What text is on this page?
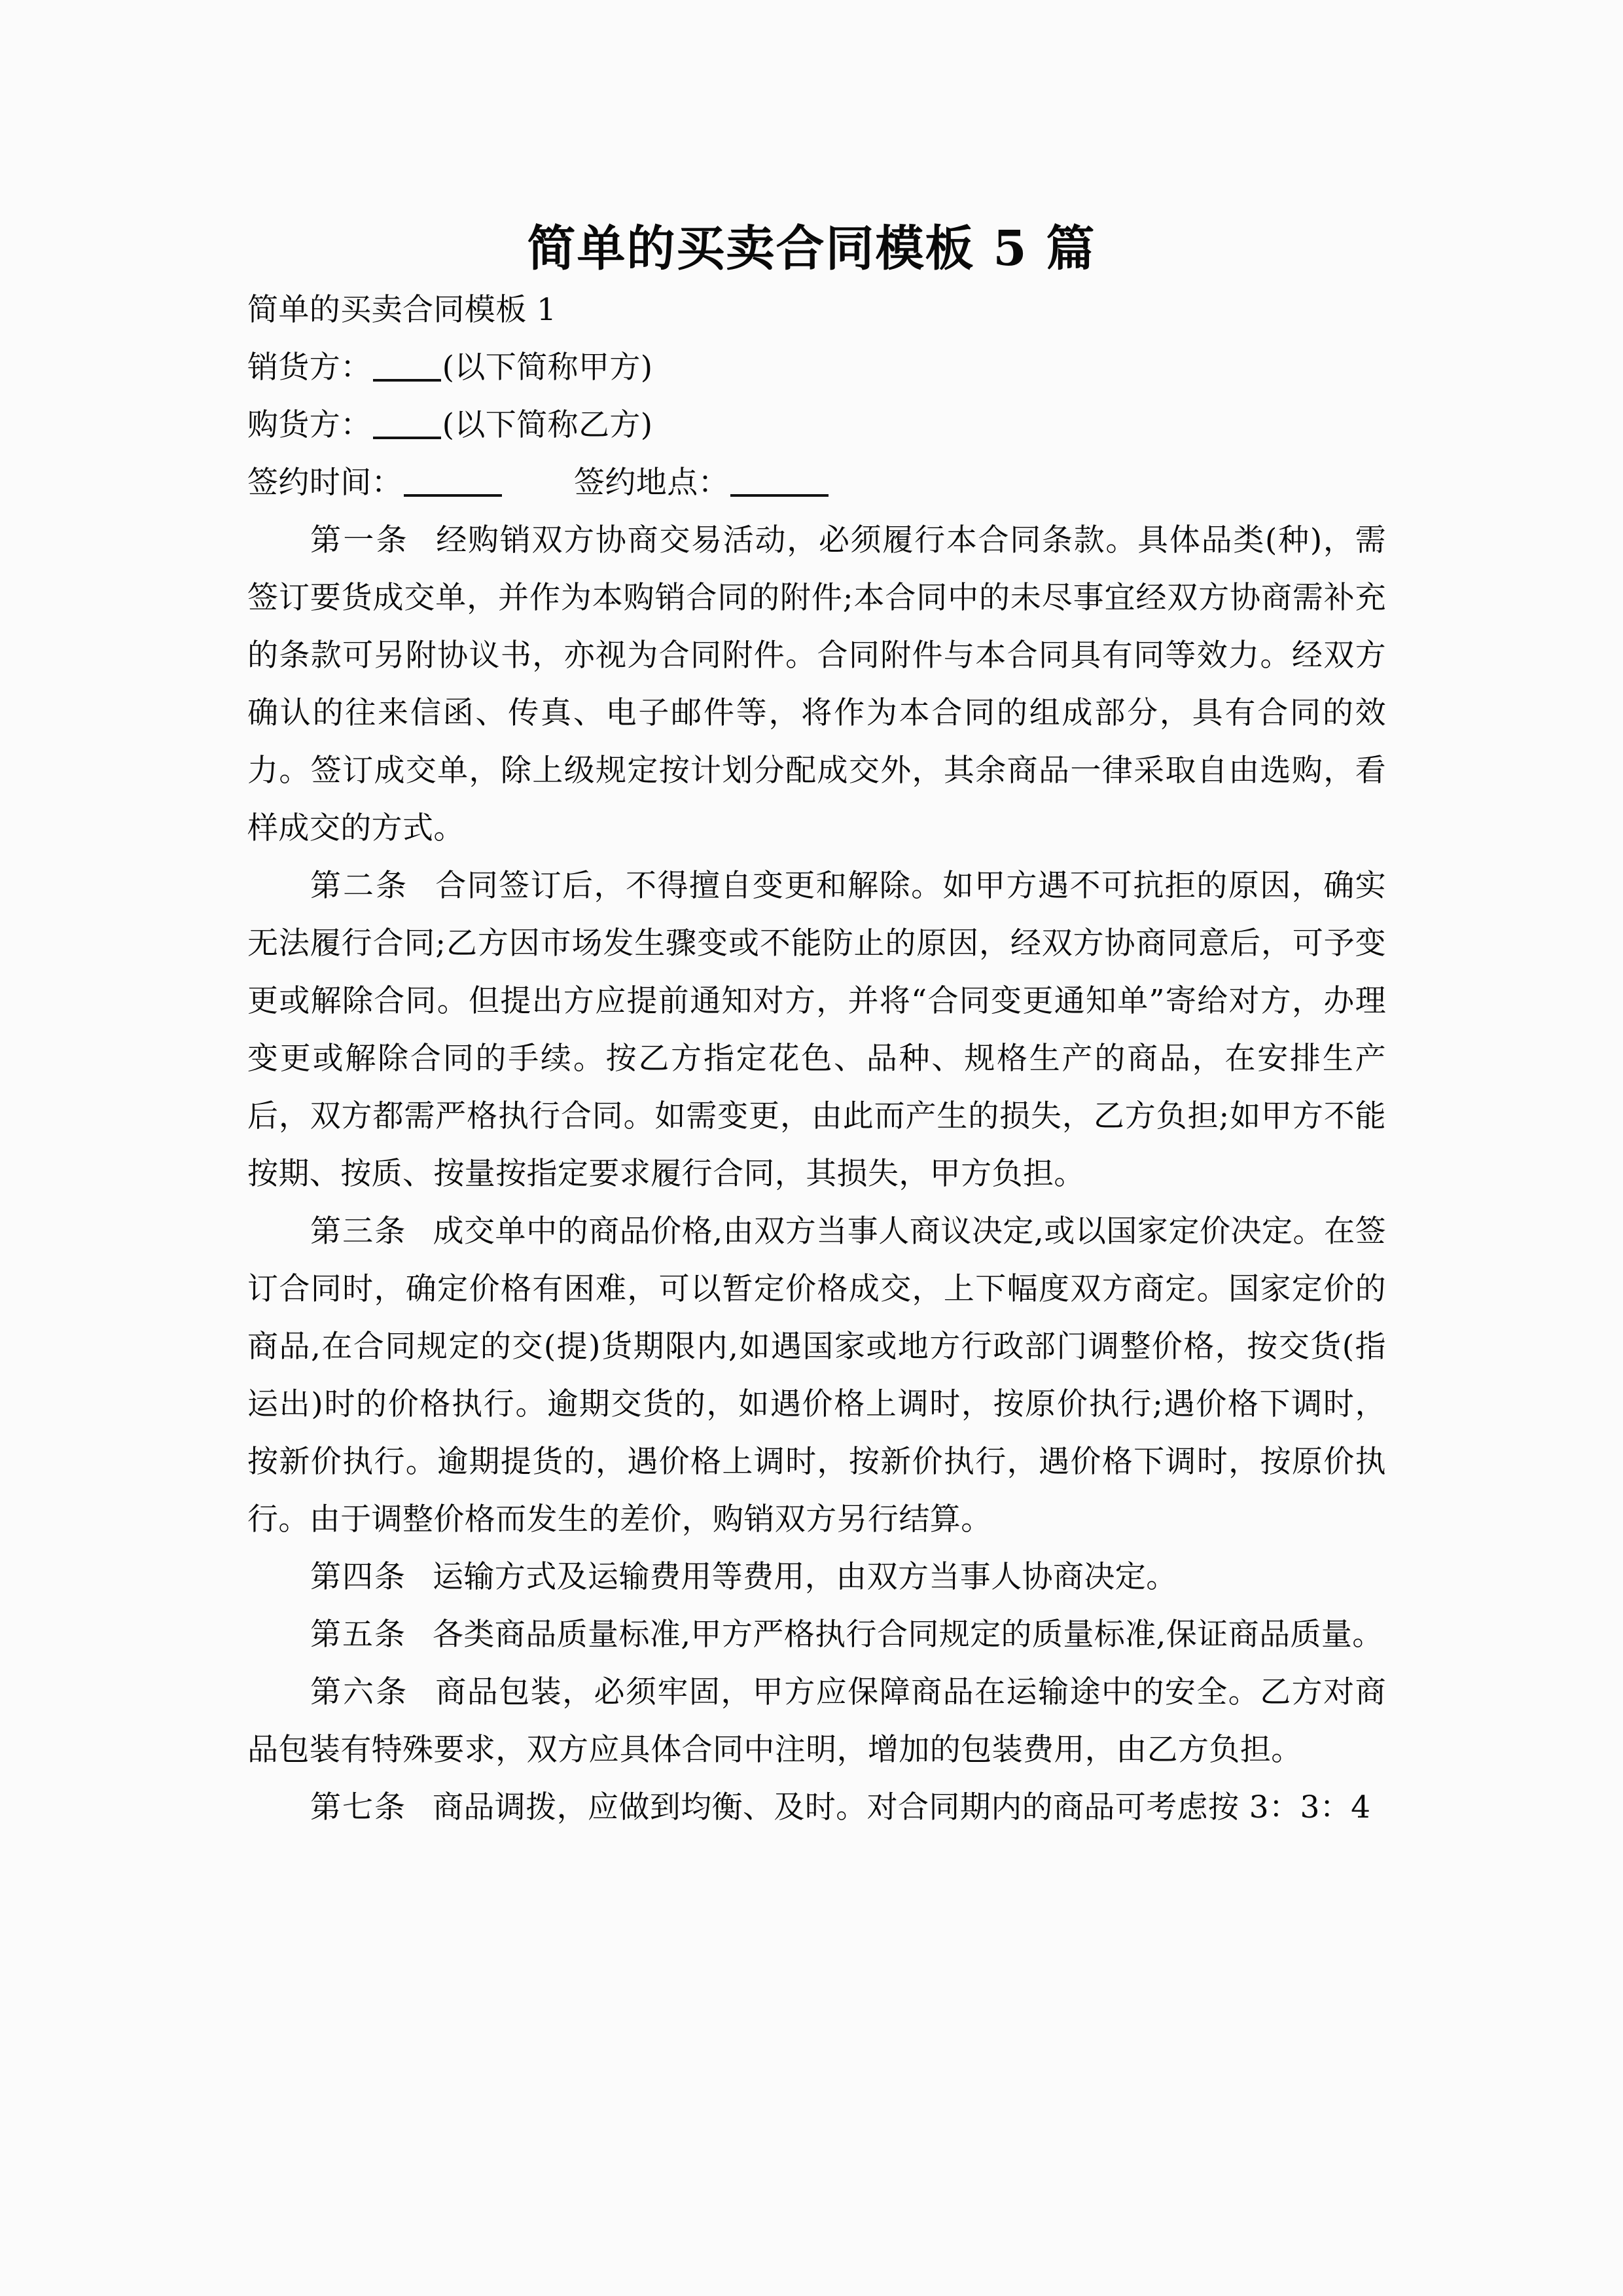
简单的买卖合同模板 5 篇

简单的买卖合同模板 1

销货方： (以下简称甲方)

购货方： (以下简称乙方)

签约时间：	签约地点：

第一条 经购销双方协商交易活动，必须履行本合同条款。具体品类(种)，需签订要货成交单，并作为本购销合同的附件;本合同中的未尽事宜经双方协商需补充的条款可另附协议书，亦视为合同附件。合同附件与本合同具有同等效力。经双方确认的往来信函、传真、电子邮件等，将作为本合同的组成部分，具有合同的效力。签订成交单，除上级规定按计划分配成交外，其余商品一律采取自由选购，看样成交的方式。

第二条 合同签订后，不得擅自变更和解除。如甲方遇不可抗拒的原因，确实无法履行合同;乙方因市场发生骤变或不能防止的原因，经双方协商同意后，可予变更或解除合同。但提出方应提前通知对方，并将“合同变更通知单”寄给对方，办理变更或解除合同的手续。按乙方指定花色、品种、规格生产的商品，在安排生产后，双方都需严格执行合同。如需变更，由此而产生的损失，乙方负担;如甲方不能按期、按质、按量按指定要求履行合同，其损失，甲方负担。

第三条 成交单中的商品价格,由双方当事人商议决定,或以国家定价决定。在签订合同时，确定价格有困难，可以暂定价格成交，上下幅度双方商定。国家定价的商品,在合同规定的交(提)货期限内,如遇国家或地方行政部门调整价格，按交货(指运出)时的价格执行。逾期交货的，如遇价格上调时，按原价执行;遇价格下调时，按新价执行。逾期提货的，遇价格上调时，按新价执行，遇价格下调时，按原价执行。由于调整价格而发生的差价，购销双方另行结算。

第四条 运输方式及运输费用等费用，由双方当事人协商决定。

第五条 各类商品质量标准,甲方严格执行合同规定的质量标准,保证商品质量。

第六条 商品包装，必须牢固，甲方应保障商品在运输途中的安全。乙方对商品包装有特殊要求，双方应具体合同中注明，增加的包装费用，由乙方负担。

第七条 商品调拨，应做到均衡、及时。对合同期内的商品可考虑按 3：3：4
